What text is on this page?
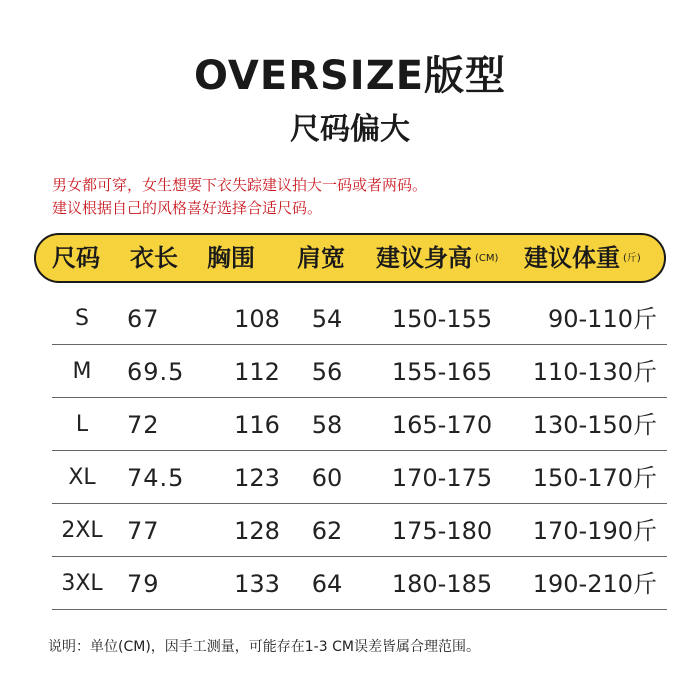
OVERSIZE版型
尺码偏大
男女都可穿，女生想要下衣失踪建议拍大一码或者两码。
建议根据自己的风格喜好选择合适尺码。
尺码 衣长 胸围 肩宽 建议身高 (CM) 建议体重 (斤)
S	67	108	54	150-155	90-110斤
M	69.5	112	56	155-165	110-130斤
L	72	116	58	165-170	130-150斤
XL	74.5	123	60	170-175	150-170斤
2XL	77	128	62	175-180	170-190斤
3XL	79	133	64	180-185	190-210斤
说明：单位(CM)，因手工测量，可能存在1-3 CM误差皆属合理范围。
